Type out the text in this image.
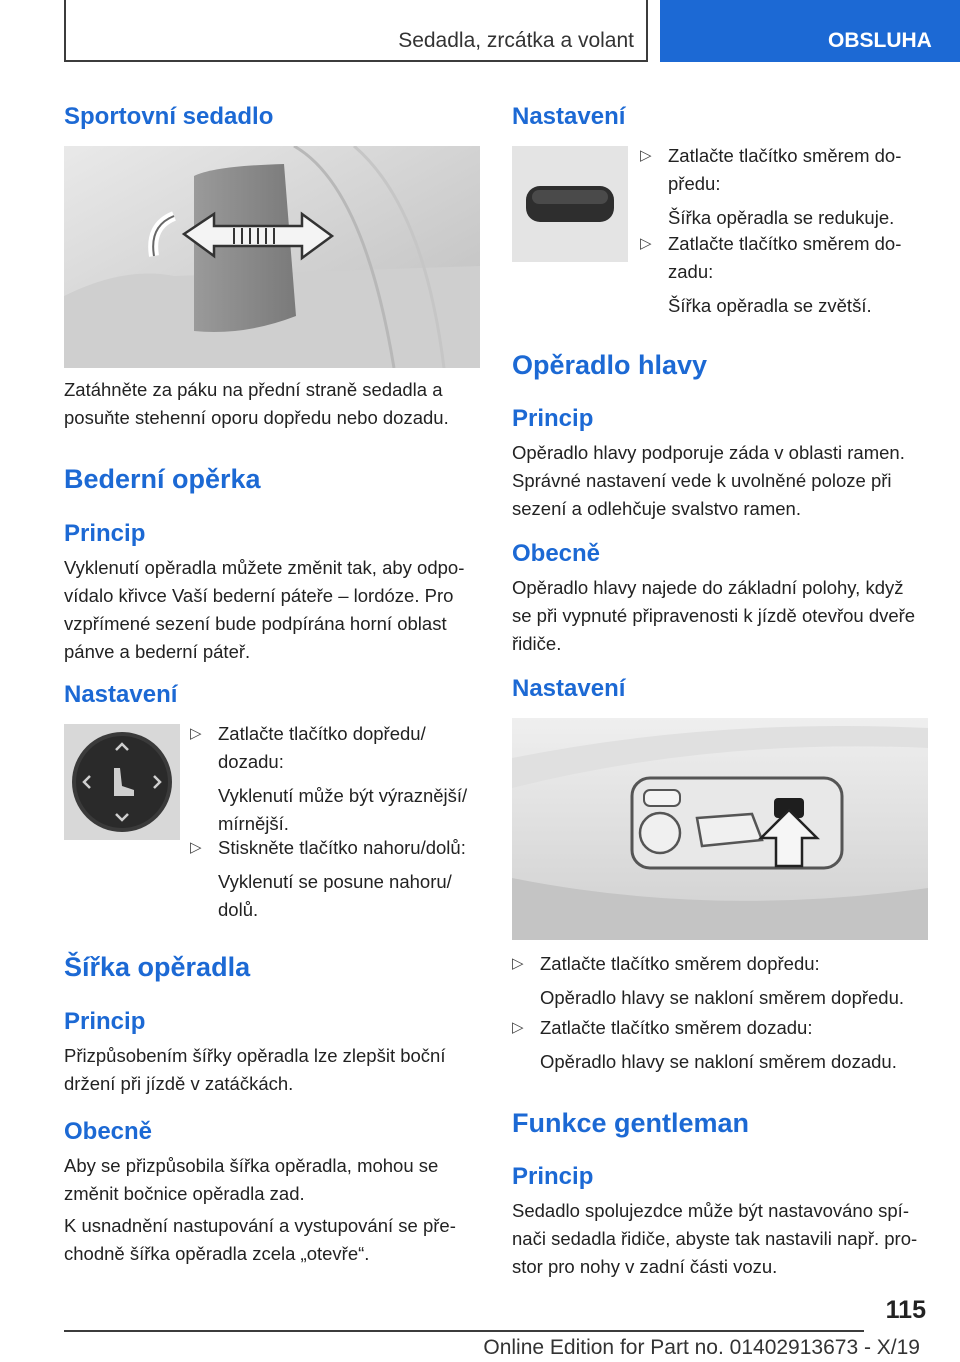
Sedadla, zrcátka a volant	OBSLUHA
Sportovní sedadlo
Zatáhněte za páku na přední straně sedadla a posuňte stehenní oporu dopředu nebo dozadu.
Bederní opěrka
Princip
Vyklenutí opěradla můžete změnit tak, aby odpovídalo křivce Vaší bederní páteře – lordóze. Pro vzpřímené sezení bude podpírána horní oblast pánve a bederní páteř.
Nastavení
▷ Zatlačte tlačítko dopředu/ dozadu:
Vyklenutí může být výraznější/ mírnější.
▷ Stiskněte tlačítko nahoru/dolů:
Vyklenutí se posune nahoru/ dolů.
Šířka opěradla
Princip
Přizpůsobením šířky opěradla lze zlepšit boční držení při jízdě v zatáčkách.
Obecně
Aby se přizpůsobila šířka opěradla, mohou se změnit bočnice opěradla zad.
K usnadnění nastupování a vystupování se přechodně šířka opěradla zcela „otevře“.
Nastavení
▷ Zatlačte tlačítko směrem dopředu:
Šířka opěradla se redukuje.
▷ Zatlačte tlačítko směrem dozadu:
Šířka opěradla se zvětší.
Opěradlo hlavy
Princip
Opěradlo hlavy podporuje záda v oblasti ramen. Správné nastavení vede k uvolněné poloze při sezení a odlehčuje svalstvo ramen.
Obecně
Opěradlo hlavy najede do základní polohy, když se při vypnuté připravenosti k jízdě otevřou dveře řidiče.
Nastavení
▷ Zatlačte tlačítko směrem dopředu:
Opěradlo hlavy se nakloní směrem dopředu.
▷ Zatlačte tlačítko směrem dozadu:
Opěradlo hlavy se nakloní směrem dozadu.
Funkce gentleman
Princip
Sedadlo spolujezdce může být nastavováno spínači sedadla řidiče, abyste tak nastavili např. prostor pro nohy v zadní části vozu.
115
Online Edition for Part no. 01402913673 - X/19
